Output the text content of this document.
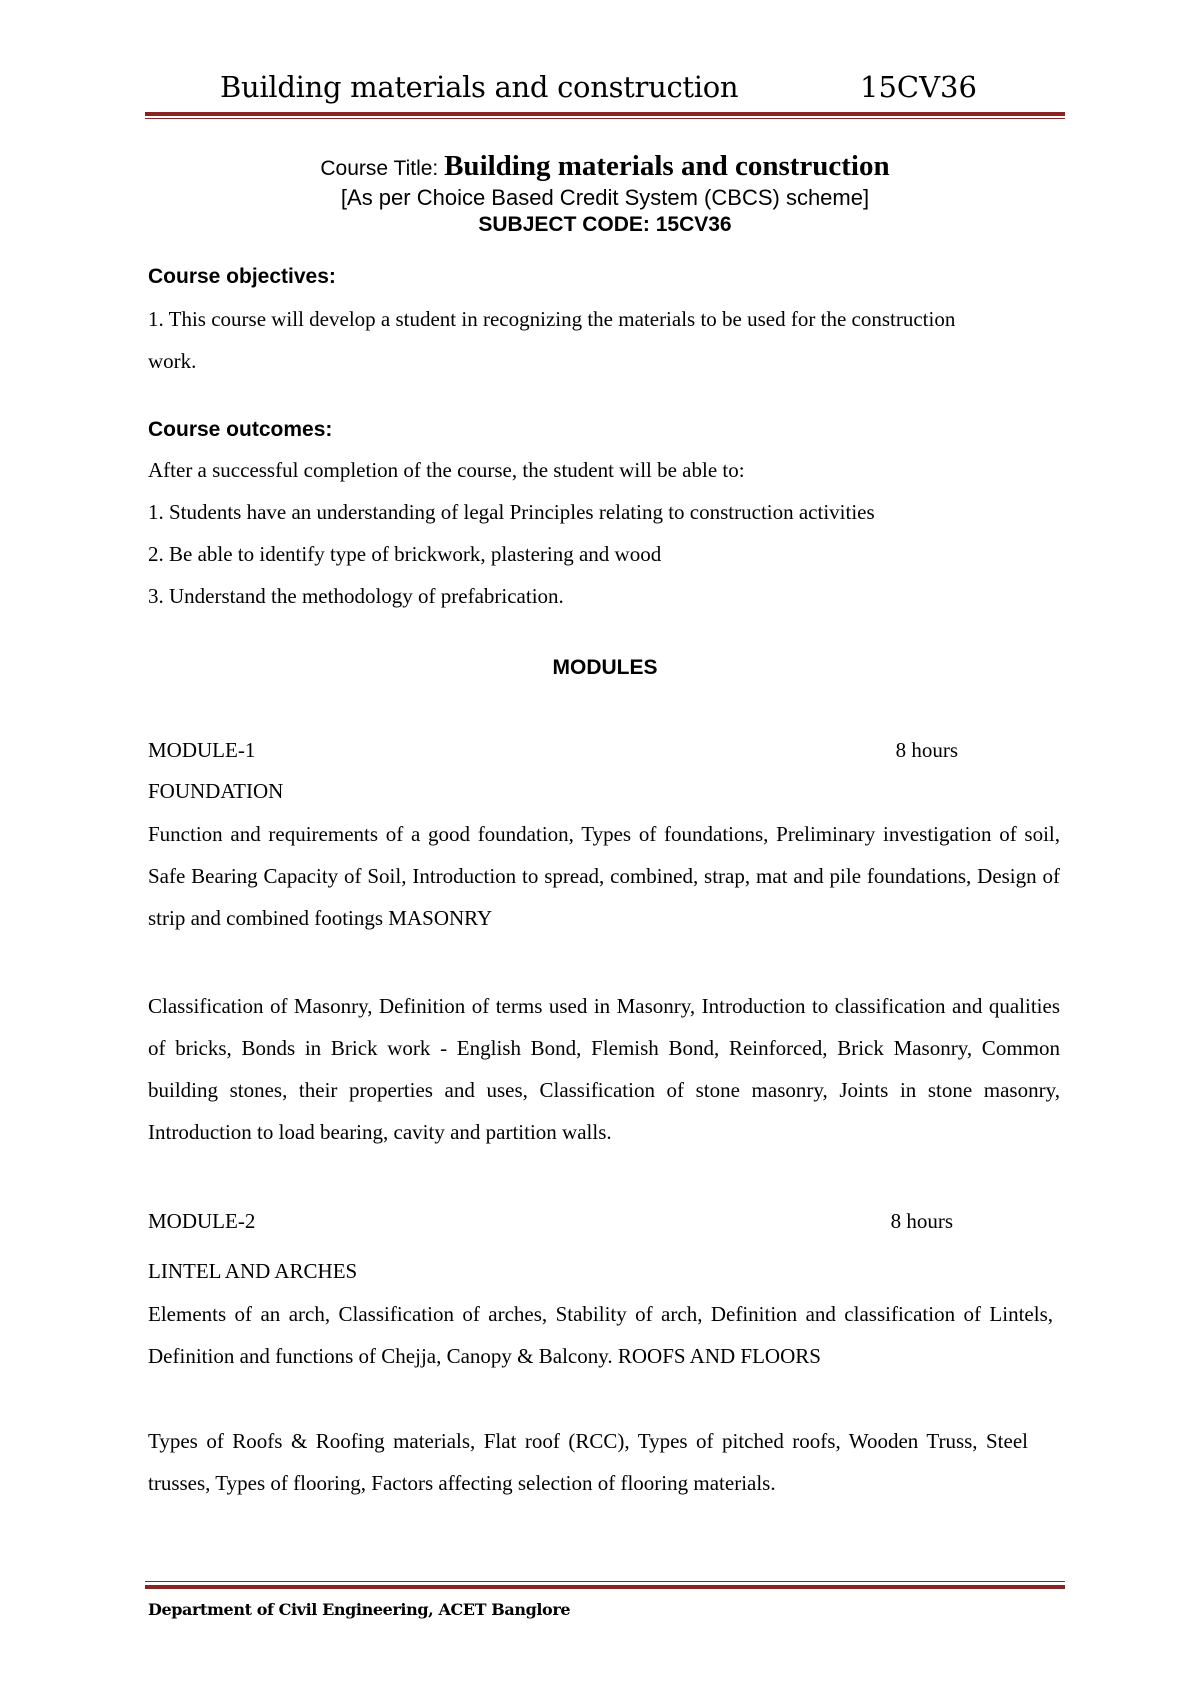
Building materials and construction	15CV36
Course Title: Building materials and construction
[As per Choice Based Credit System (CBCS) scheme]
SUBJECT CODE: 15CV36
Course objectives:
1. This course will develop a student in recognizing the materials to be used for the construction work.
Course outcomes:

After a successful completion of the course, the student will be able to:

1. Students have an understanding of legal Principles relating to construction activities

2. Be able to identify type of brickwork, plastering and wood

3. Understand the methodology of prefabrication.

MODULES
MODULE-1	8 hours
FOUNDATION
Function and requirements of a good foundation, Types of foundations, Preliminary investigation of soil, Safe Bearing Capacity of Soil, Introduction to spread, combined, strap, mat and pile foundations, Design of strip and combined footings MASONRY
Classification of Masonry, Definition of terms used in Masonry, Introduction to classification and qualities of bricks, Bonds in Brick work - English Bond, Flemish Bond, Reinforced, Brick Masonry, Common building stones, their properties and uses, Classification of stone masonry, Joints in stone masonry, Introduction to load bearing, cavity and partition walls.
MODULE-2	8 hours
LINTEL AND ARCHES
Elements of an arch, Classification of arches, Stability of arch, Definition and classification of Lintels, Definition and functions of Chejja, Canopy & Balcony. ROOFS AND FLOORS
Types of Roofs & Roofing materials, Flat roof (RCC), Types of pitched roofs, Wooden Truss, Steel trusses, Types of flooring, Factors affecting selection of flooring materials.
Department of Civil Engineering, ACET Banglore
